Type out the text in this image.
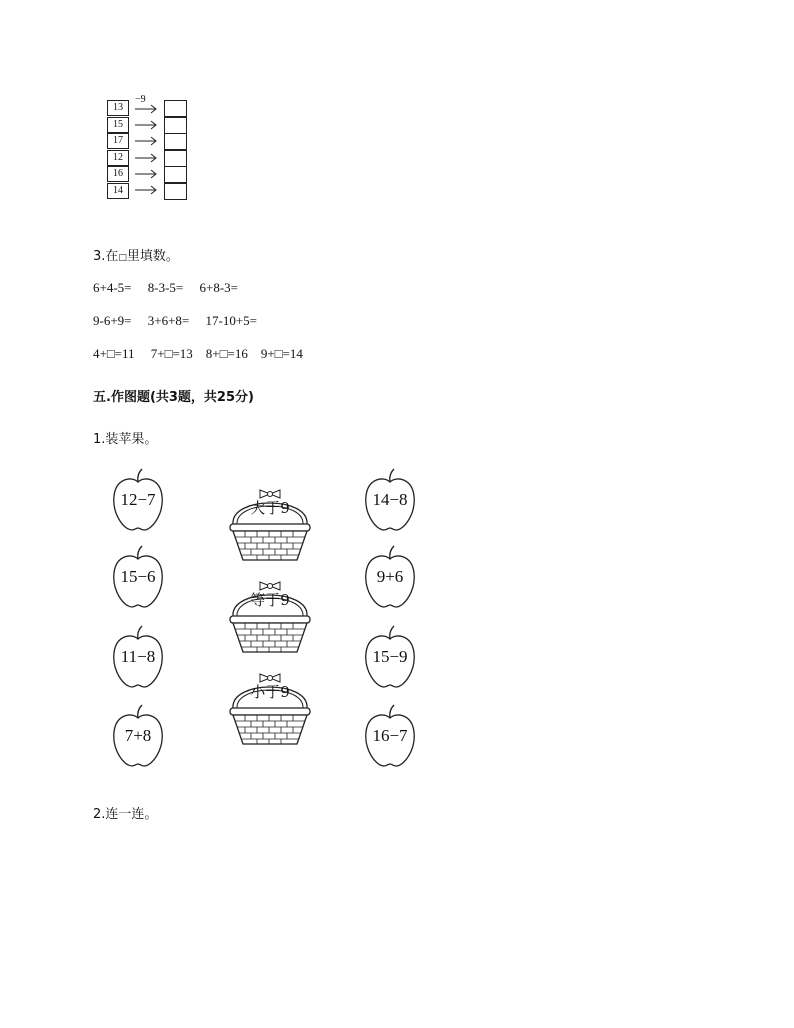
−9
13
15
17
12
16
14
3.在□里填数。
6+4-5=     8-3-5=     6+8-3=
9-6+9=     3+6+8=     17-10+5=
4+□=11     7+□=13    8+□=16    9+□=14
五.作图题(共3题，共25分)
1.装苹果。
12−7
15−6
11−8
7+8
14−8
9+6
15−9
16−7
大于9
等于9
小于9
2.连一连。
